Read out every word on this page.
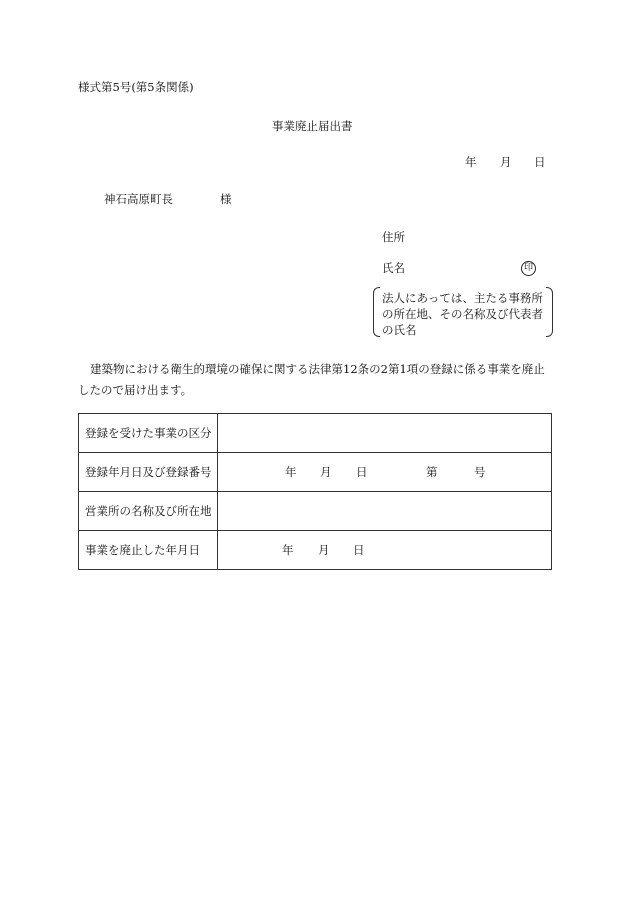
様式第5号(第5条関係)
事業廃止届出書
年 月 日
神石高原町長	様
住所
氏名	印
法人にあっては、主たる事務所
の所在地、その名称及び代表者
の氏名
建築物における衛生的環境の確保に関する法律第12条の2第1項の登録に係る事業を廃止したので届け出ます。
登録を受けた事業の区分	
登録年月日及び登録番号	年 月 日 第 号

営業所の名称及び所在地	
事業を廃止した年月日	年 月 日
